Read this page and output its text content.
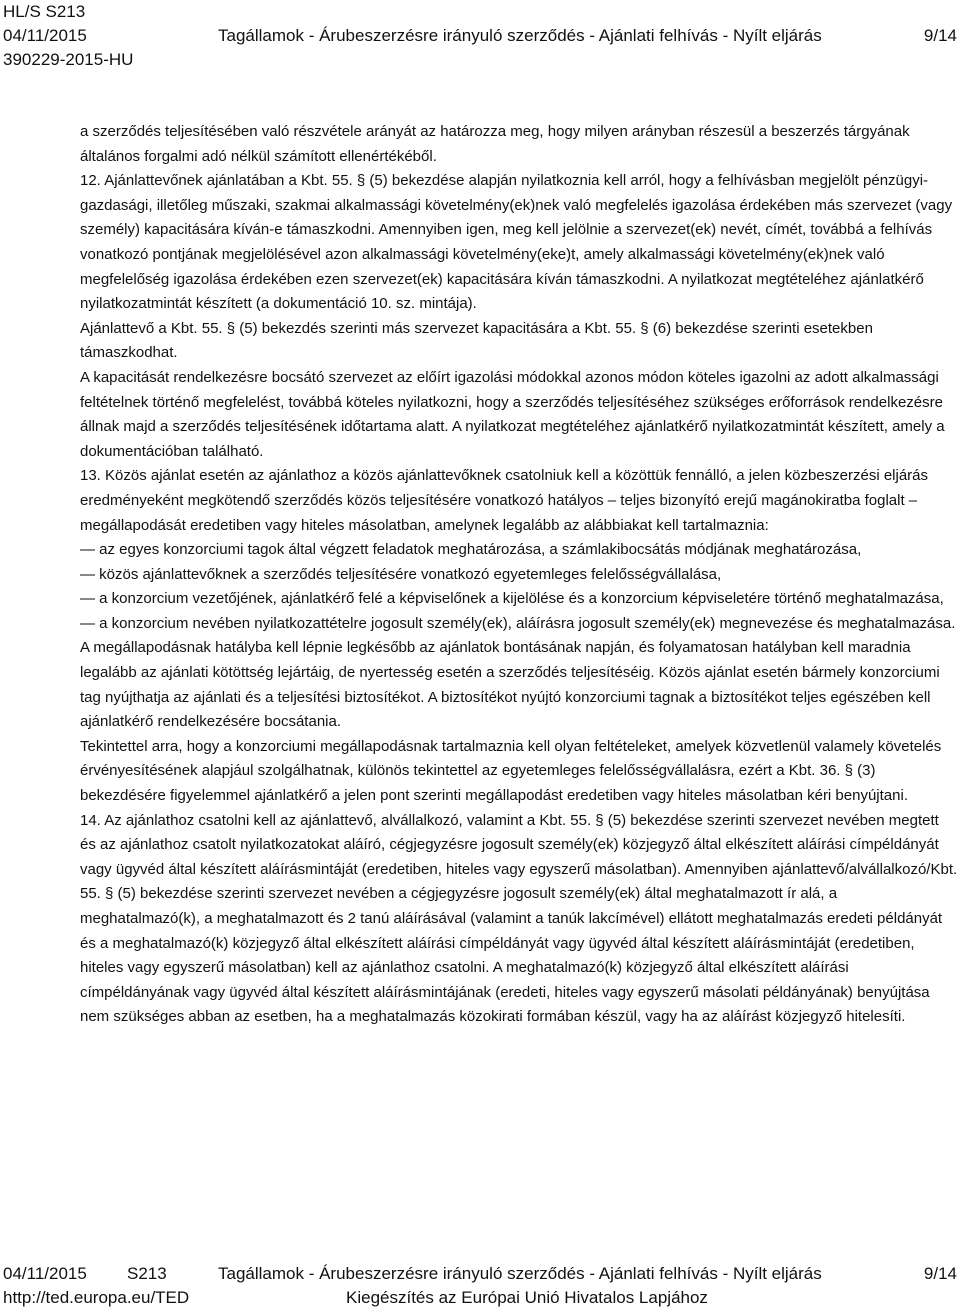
HL/S S213
04/11/2015	Tagállamok - Árubeszerzésre irányuló szerződés - Ajánlati felhívás - Nyílt eljárás	9/14
390229-2015-HU

a szerződés teljesítésében való részvétele arányát az határozza meg, hogy milyen arányban részesül a beszerzés tárgyának általános forgalmi adó nélkül számított ellenértékéből.

12. Ajánlattevőnek ajánlatában a Kbt. 55. § (5) bekezdése alapján nyilatkoznia kell arról, hogy a felhívásban megjelölt pénzügyi-gazdasági, illetőleg műszaki, szakmai alkalmassági követelmény(ek)nek való megfelelés igazolása érdekében más szervezet (vagy személy) kapacitására kíván-e támaszkodni. Amennyiben igen, meg kell jelölnie a szervezet(ek) nevét, címét, továbbá a felhívás vonatkozó pontjának megjelölésével azon alkalmassági követelmény(eke)t, amely alkalmassági követelmény(ek)nek való megfelelőség igazolása érdekében ezen szervezet(ek) kapacitására kíván támaszkodni. A nyilatkozat megtételéhez ajánlatkérő nyilatkozatmintát készített (a dokumentáció 10. sz. mintája).

Ajánlattevő a Kbt. 55. § (5) bekezdés szerinti más szervezet kapacitására a Kbt. 55. § (6) bekezdése szerinti esetekben támaszkodhat.

A kapacitását rendelkezésre bocsátó szervezet az előírt igazolási módokkal azonos módon köteles igazolni az adott alkalmassági feltételnek történő megfelelést, továbbá köteles nyilatkozni, hogy a szerződés teljesítéséhez szükséges erőforrások rendelkezésre állnak majd a szerződés teljesítésének időtartama alatt. A nyilatkozat megtételéhez ajánlatkérő nyilatkozatmintát készített, amely a dokumentációban található.

13. Közös ajánlat esetén az ajánlathoz a közös ajánlattevőknek csatolniuk kell a közöttük fennálló, a jelen közbeszerzési eljárás eredményeként megkötendő szerződés közös teljesítésére vonatkozó hatályos – teljes bizonyító erejű magánokiratba foglalt – megállapodását eredetiben vagy hiteles másolatban, amelynek legalább az alábbiakat kell tartalmaznia:

— az egyes konzorciumi tagok által végzett feladatok meghatározása, a számlakibocsátás módjának meghatározása,

— közös ajánlattevőknek a szerződés teljesítésére vonatkozó egyetemleges felelősségvállalása,

— a konzorcium vezetőjének, ajánlatkérő felé a képviselőnek a kijelölése és a konzorcium képviseletére történő meghatalmazása,

— a konzorcium nevében nyilatkozattételre jogosult személy(ek), aláírásra jogosult személy(ek) megnevezése és meghatalmazása.

A megállapodásnak hatályba kell lépnie legkésőbb az ajánlatok bontásának napján, és folyamatosan hatályban kell maradnia legalább az ajánlati kötöttség lejártáig, de nyertesség esetén a szerződés teljesítéséig. Közös ajánlat esetén bármely konzorciumi tag nyújthatja az ajánlati és a teljesítési biztosítékot. A biztosítékot nyújtó konzorciumi tagnak a biztosítékot teljes egészében kell ajánlatkérő rendelkezésére bocsátania.

Tekintettel arra, hogy a konzorciumi megállapodásnak tartalmaznia kell olyan feltételeket, amelyek közvetlenül valamely követelés érvényesítésének alapjául szolgálhatnak, különös tekintettel az egyetemleges felelősségvállalásra, ezért a Kbt. 36. § (3) bekezdésére figyelemmel ajánlatkérő a jelen pont szerinti megállapodást eredetiben vagy hiteles másolatban kéri benyújtani.

14. Az ajánlathoz csatolni kell az ajánlattevő, alvállalkozó, valamint a Kbt. 55. § (5) bekezdése szerinti szervezet nevében megtett és az ajánlathoz csatolt nyilatkozatokat aláíró, cégjegyzésre jogosult személy(ek) közjegyző által elkészített aláírási címpéldányát vagy ügyvéd által készített aláírásmintáját (eredetiben, hiteles vagy egyszerű másolatban). Amennyiben ajánlattevő/alvállalkozó/Kbt. 55. § (5) bekezdése szerinti szervezet nevében a cégjegyzésre jogosult személy(ek) által meghatalmazott ír alá, a meghatalmazó(k), a meghatalmazott és 2 tanú aláírásával (valamint a tanúk lakcímével) ellátott meghatalmazás eredeti példányát és a meghatalmazó(k) közjegyző által elkészített aláírási címpéldányát vagy ügyvéd által készített aláírásmintáját (eredetiben, hiteles vagy egyszerű másolatban) kell az ajánlathoz csatolni. A meghatalmazó(k) közjegyző által elkészített aláírási címpéldányának vagy ügyvéd által készített aláírásmintájának (eredeti, hiteles vagy egyszerű másolati példányának) benyújtása nem szükséges abban az esetben, ha a meghatalmazás közokirati formában készül, vagy ha az aláírást közjegyző hitelesíti.

04/11/2015 S213	Tagállamok - Árubeszerzésre irányuló szerződés - Ajánlati felhívás - Nyílt eljárás	9/14
http://ted.europa.eu/TED	Kiegészítés az Európai Unió Hivatalos Lapjához
